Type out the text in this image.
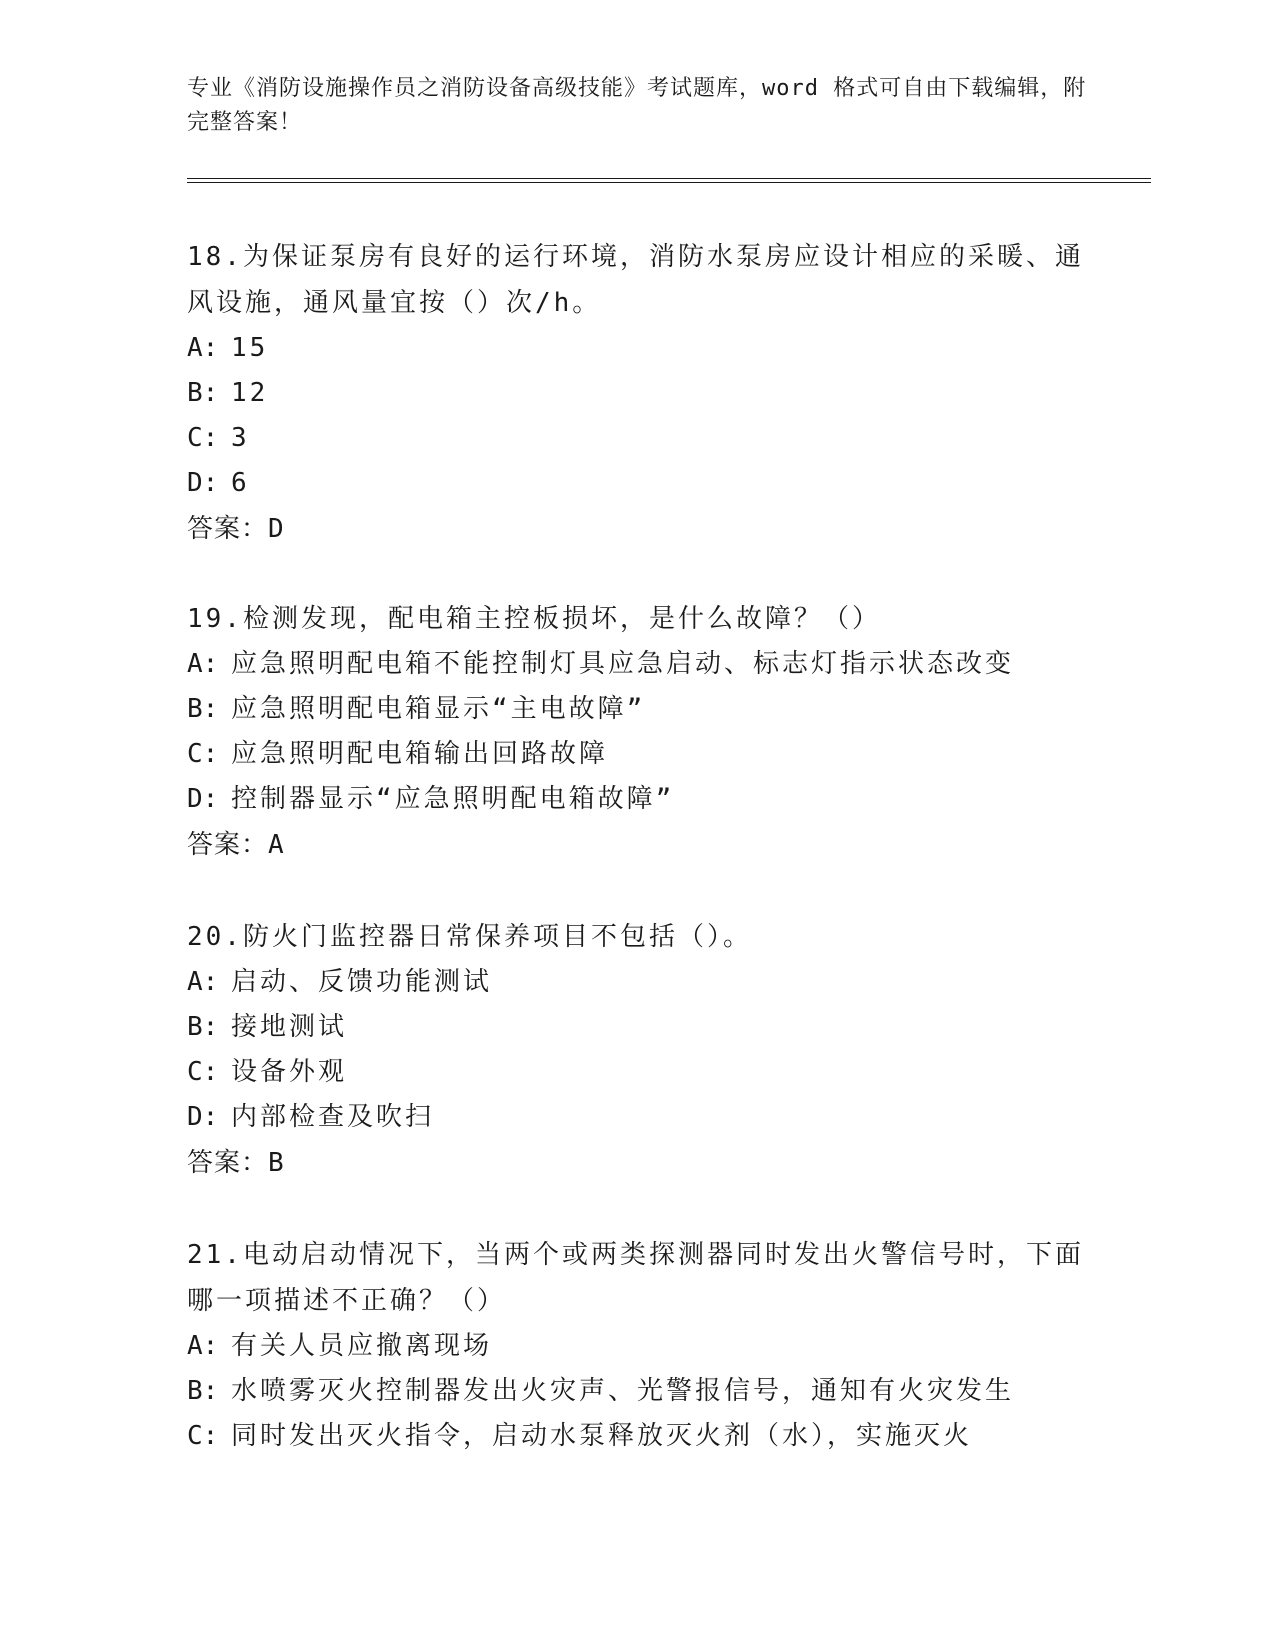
专业《消防设施操作员之消防设备高级技能》考试题库，word 格式可自由下载编辑，附完整答案！

18.为保证泵房有良好的运行环境，消防水泵房应设计相应的采暖、通风设施，通风量宜按（）次/h。

A: 15

B: 12

C: 3

D: 6

答案：D

19.检测发现，配电箱主控板损坏，是什么故障？（）

A: 应急照明配电箱不能控制灯具应急启动、标志灯指示状态改变

B: 应急照明配电箱显示“主电故障”

C: 应急照明配电箱输出回路故障

D: 控制器显示“应急照明配电箱故障”

答案：A

20.防火门监控器日常保养项目不包括（）。

A: 启动、反馈功能测试

B: 接地测试

C: 设备外观

D: 内部检查及吹扫

答案：B

21.电动启动情况下，当两个或两类探测器同时发出火警信号时，下面哪一项描述不正确？（）

A: 有关人员应撤离现场

B: 水喷雾灭火控制器发出火灾声、光警报信号，通知有火灾发生

C: 同时发出灭火指令，启动水泵释放灭火剂（水），实施灭火
